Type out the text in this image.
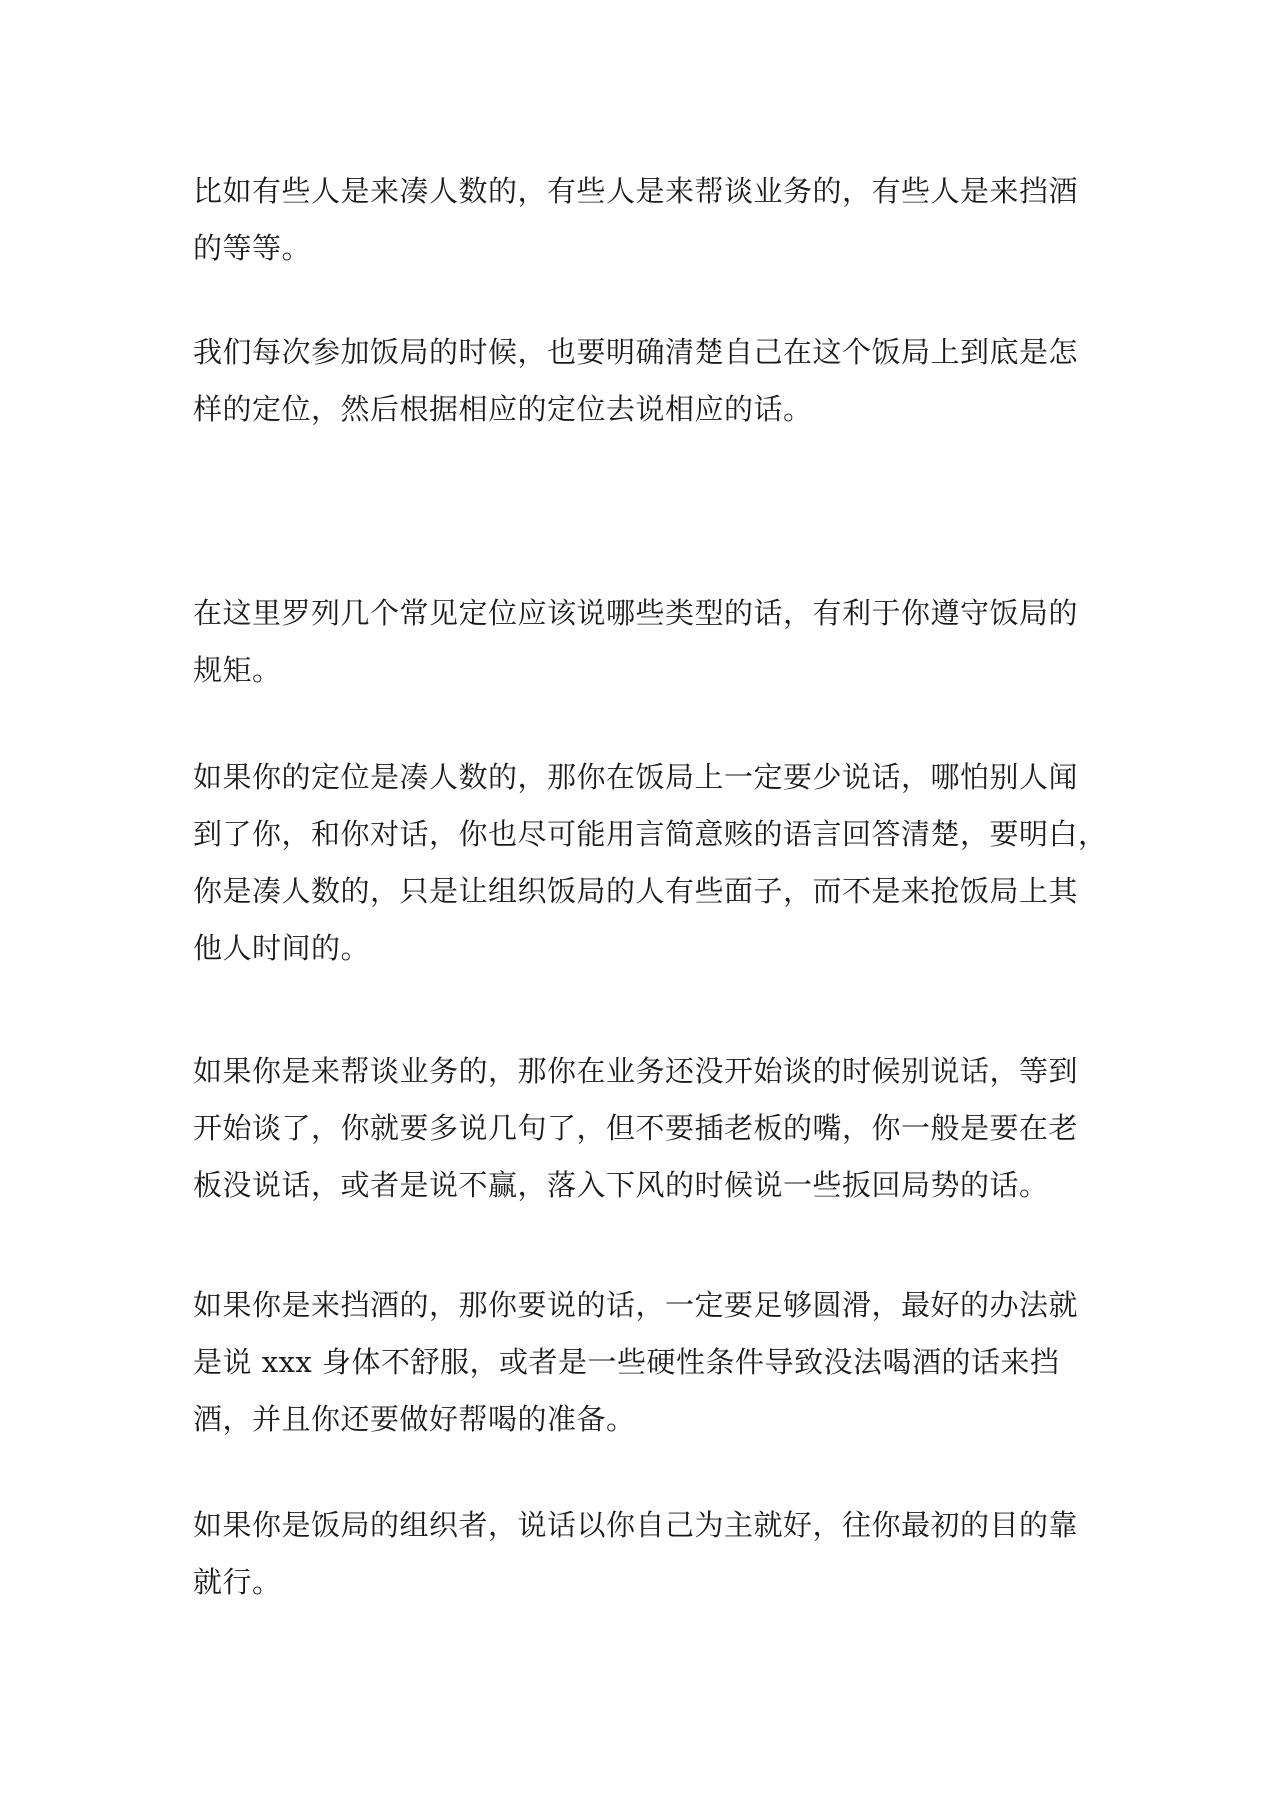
比如有些人是来凑人数的，有些人是来帮谈业务的，有些人是来挡酒
的等等。

我们每次参加饭局的时候，也要明确清楚自己在这个饭局上到底是怎
样的定位，然后根据相应的定位去说相应的话。

在这里罗列几个常见定位应该说哪些类型的话，有利于你遵守饭局的
规矩。

如果你的定位是凑人数的，那你在饭局上一定要少说话，哪怕别人闻
到了你，和你对话，你也尽可能用言简意赅的语言回答清楚，要明白，
你是凑人数的，只是让组织饭局的人有些面子，而不是来抢饭局上其
他人时间的。

如果你是来帮谈业务的，那你在业务还没开始谈的时候别说话，等到
开始谈了，你就要多说几句了，但不要插老板的嘴，你一般是要在老
板没说话，或者是说不赢，落入下风的时候说一些扳回局势的话。

如果你是来挡酒的，那你要说的话，一定要足够圆滑，最好的办法就
是说 xxx 身体不舒服，或者是一些硬性条件导致没法喝酒的话来挡
酒，并且你还要做好帮喝的准备。

如果你是饭局的组织者，说话以你自己为主就好，往你最初的目的靠
就行。
